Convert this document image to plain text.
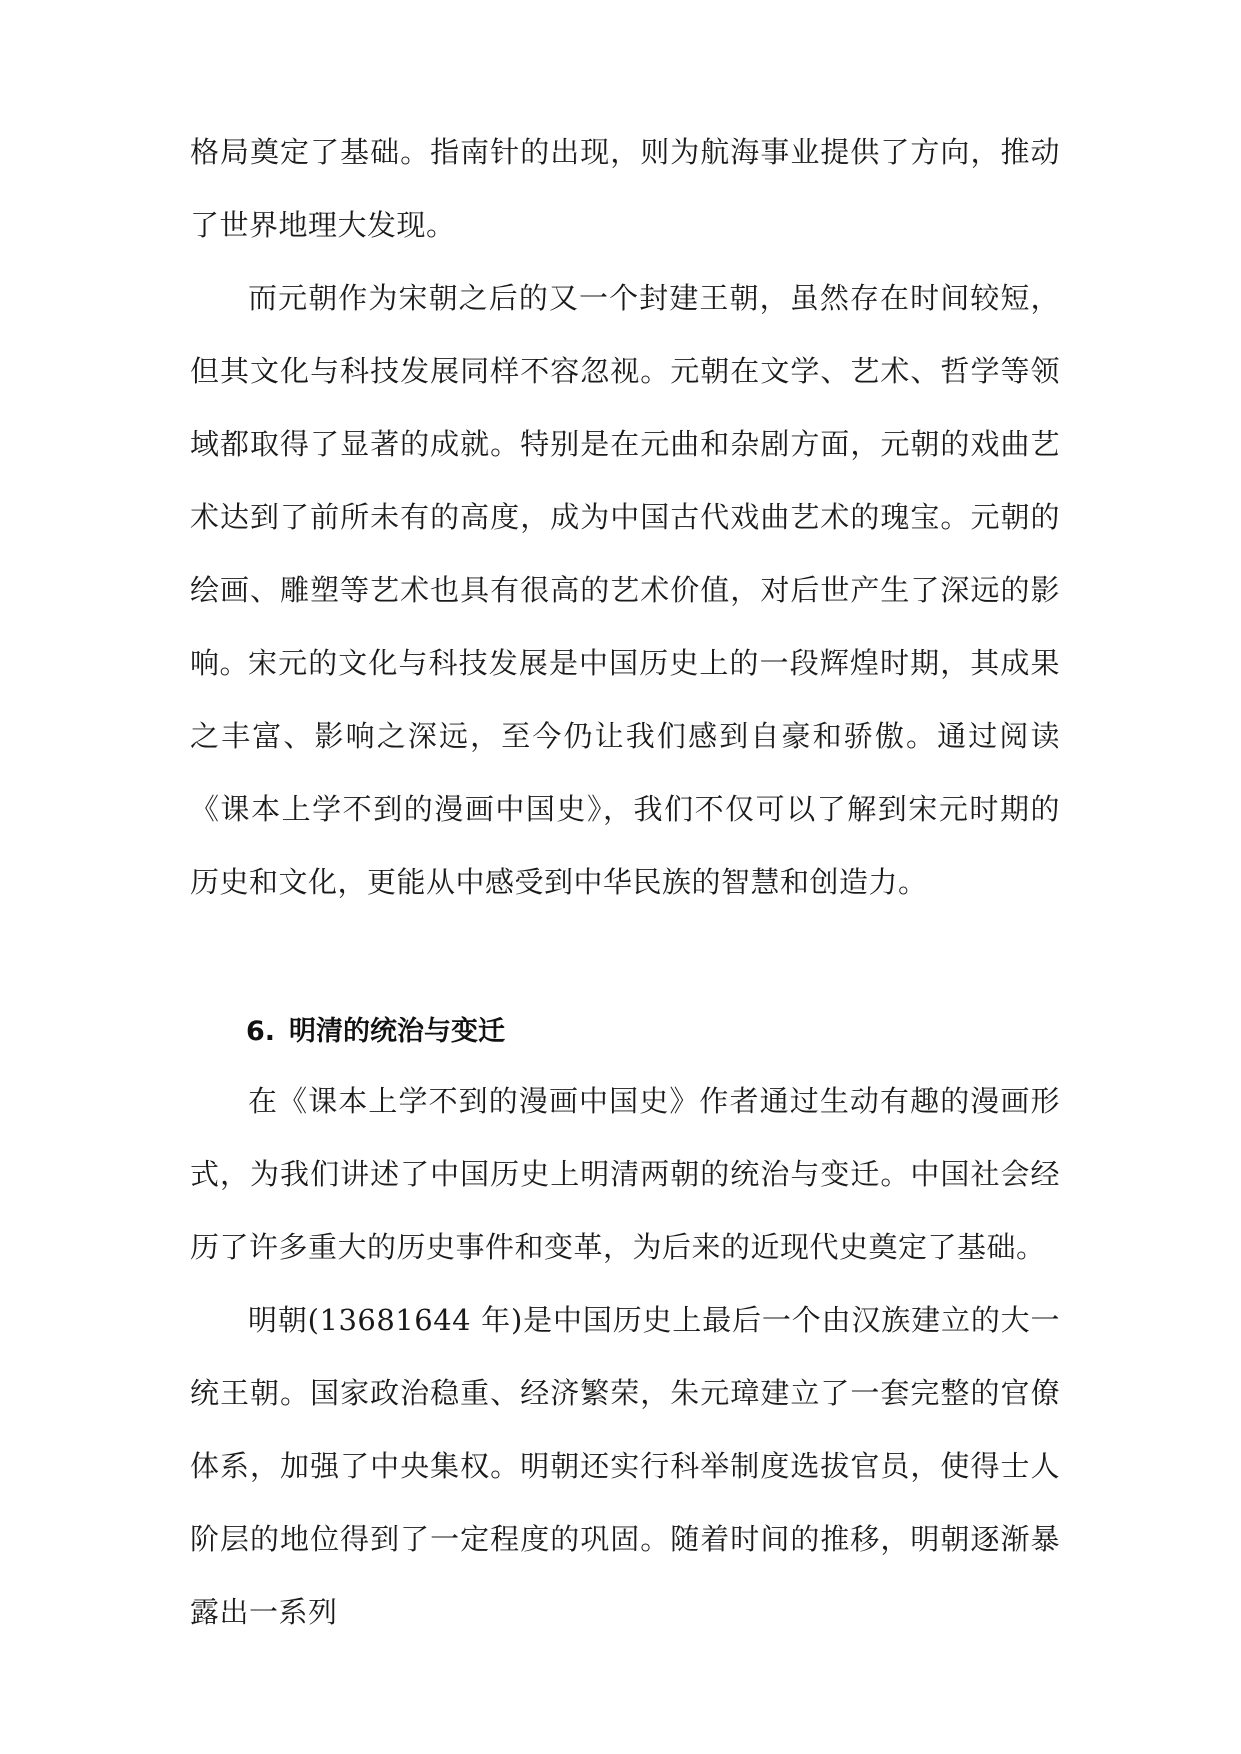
格局奠定了基础。指南针的出现，则为航海事业提供了方向，推动了世界地理大发现。

而元朝作为宋朝之后的又一个封建王朝，虽然存在时间较短，但其文化与科技发展同样不容忽视。元朝在文学、艺术、哲学等领域都取得了显著的成就。特别是在元曲和杂剧方面，元朝的戏曲艺术达到了前所未有的高度，成为中国古代戏曲艺术的瑰宝。元朝的绘画、雕塑等艺术也具有很高的艺术价值，对后世产生了深远的影响。

宋元的文化与科技发展是中国历史上的一段辉煌时期，其成果之丰富、影响之深远，至今仍让我们感到自豪和骄傲。通过阅读《课本上学不到的漫画中国史》，我们不仅可以了解到宋元时期的历史和文化，更能从中感受到中华民族的智慧和创造力。

6. 明清的统治与变迁

在《课本上学不到的漫画中国史》作者通过生动有趣的漫画形式，为我们讲述了中国历史上明清两朝的统治与变迁。中国社会经历了许多重大的历史事件和变革，为后来的近现代史奠定了基础。

明朝(13681644 年)是中国历史上最后一个由汉族建立的大一统王朝。国家政治稳重、经济繁荣，朱元璋建立了一套完整的官僚体系，加强了中央集权。明朝还实行科举制度选拔官员，使得士人阶层的地位得到了一定程度的巩固。随着时间的推移，明朝逐渐暴露出一系列
